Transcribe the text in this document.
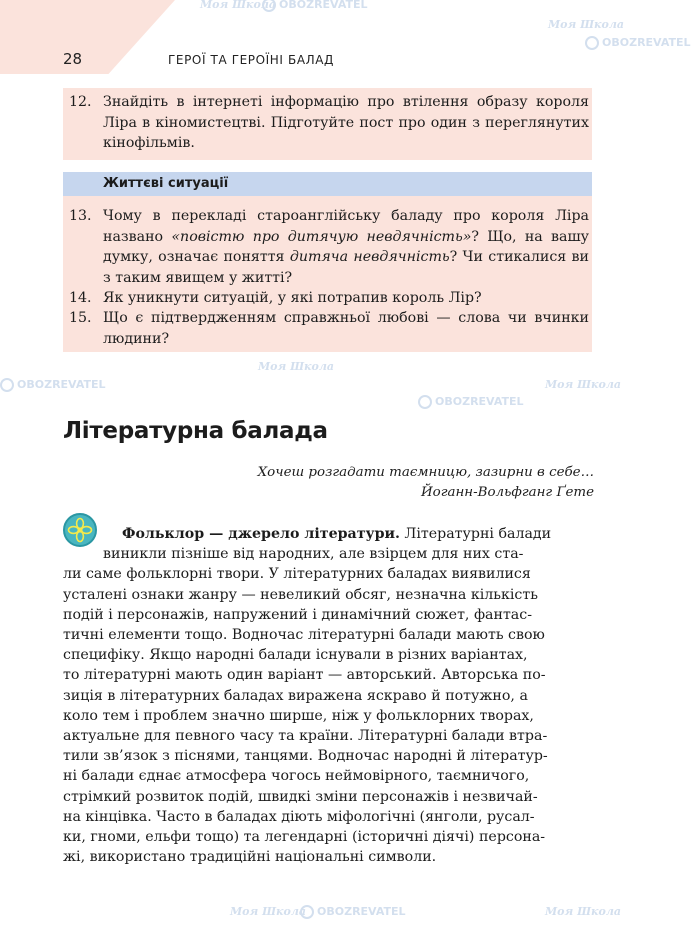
Моя Школа OBOZREVATEL
Моя Школа
OBOZREVATEL
Моя Школа
OBOZREVATEL
Моя Школа
OBOZREVATEL
Моя Школа OBOZREVATEL	Моя Школа
28	ГЕРОЇ ТА ГЕРОЇНІ БАЛАД
12. Знайдіть в інтернеті інформацію про втілення образу короля Ліра в кіномистецтві. Підготуйте пост про один з переглянутих кінофільмів.
Життєві ситуації
13. Чому в перекладі староанглійську баладу про короля Ліра названо «повістю про дитячую невдячність»? Що, на вашу думку, означає поняття дитяча невдячність? Чи стикалися ви з таким явищем у житті?
14. Як уникнути ситуацій, у які потрапив король Лір?
15. Що є підтвердженням справжньої любові — слова чи вчинки людини?
Літературна балада
Хочеш розгадати таємницю, зазирни в себе…
Йоганн-Вольфганг Ґете
Фольклор — джерело літератури. Літературні балади
виникли пізніше від народних, але взірцем для них ста-
ли саме фольклорні твори. У літературних баладах виявилися
усталені ознаки жанру — невеликий обсяг, незначна кількість
подій і персонажів, напружений і динамічний сюжет, фантас-
тичні елементи тощо. Водночас літературні балади мають свою
специфіку. Якщо народні балади існували в різних варіантах,
то літературні мають один варіант — авторський. Авторська по-
зиція в літературних баладах виражена яскраво й потужно, а
коло тем і проблем значно ширше, ніж у фольклорних творах,
актуальне для певного часу та країни. Літературні балади втра-
тили зв’язок з піснями, танцями. Водночас народні й літератур-
ні балади єднає атмосфера чогось неймовірного, таємничого,
стрімкий розвиток подій, швидкі зміни персонажів і незвичай-
на кінцівка. Часто в баладах діють міфологічні (янголи, русал-
ки, гноми, ельфи тощо) та легендарні (історичні діячі) персона-
жі, використано традиційні національні символи.
